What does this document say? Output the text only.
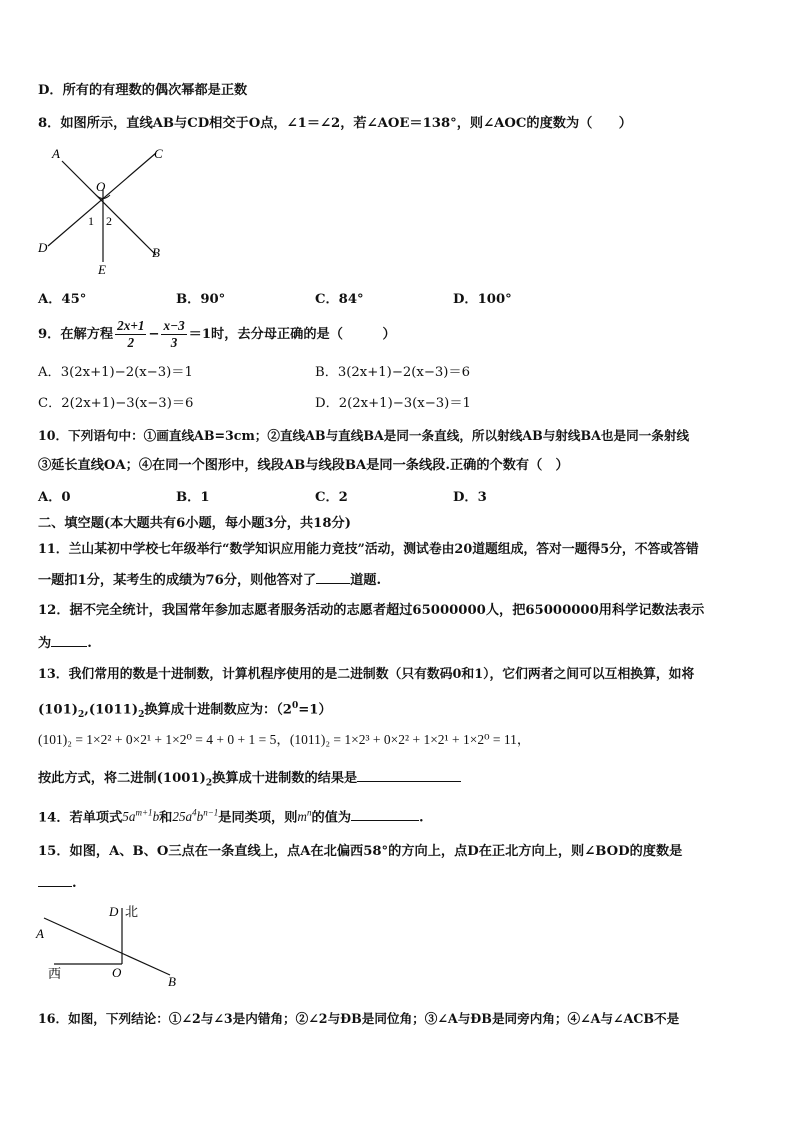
D．所有的有理数的偶次幂都是正数
8．如图所示，直线AB与CD相交于O点，∠1＝∠2，若∠AOE＝138°，则∠AOC的度数为（　　）
A	C
O
1 2
D	B
E
A．45°	B．90°	C．84°	D．100°
9．在解方程 $\frac{2x+1}{2} - \frac{x-3}{3} =1$时，去分母正确的是（　　　）
A．3(2x+1)−2(x−3)＝1	B．3(2x+1)−2(x−3)＝6
C．2(2x+1)−3(x−3)＝6	D．2(2x+1)−3(x−3)＝1
10．下列语句中：①画直线AB=3cm；②直线AB与直线BA是同一条直线，所以射线AB与射线BA也是同一条射线
③延长直线OA；④在同一个图形中，线段AB与线段BA是同一条线段.正确的个数有（　）
A．0	B．1	C．2	D．3
二、填空题(本大题共有6小题，每小题3分，共18分)
11．兰山某初中学校七年级举行“数学知识应用能力竞技”活动，测试卷由20道题组成，答对一题得5分，不答或答错
一题扣1分，某考生的成绩为76分，则他答对了	道题.
12．据不完全统计，我国常年参加志愿者服务活动的志愿者超过65000000人，把65000000用科学记数法表示
为	.
13．我们常用的数是十进制数，计算机程序使用的是二进制数（只有数码0和1），它们两者之间可以互相换算，如将
$(101)_2,(1011)_2$换算成十进制数应为：$(2^0=1)$
(101)₂ = 1×2² + 0×2¹ + 1×2⁰ = 4 + 0 + 1 = 5，(1011)₂ = 1×2³ + 0×2² + 1×2¹ + 1×2⁰ = 11，
按此方式，将二进制$(1001)_2$换算成十进制数的结果是
14．若单项式$5a^{m+1}b$和$25a^4b^{n-1}$是同类项，则$m^n$的值为	.
15．如图，A、B、O三点在一条直线上，点A在北偏西58°的方向上，点D在正北方向上，则∠BOD的度数是
.
D 北
A
西	O
B
16．如图，下列结论：①∠2与∠3是内错角；②∠2与ÐB是同位角；③∠A与ÐB是同旁内角；④∠A与∠ACB不是
